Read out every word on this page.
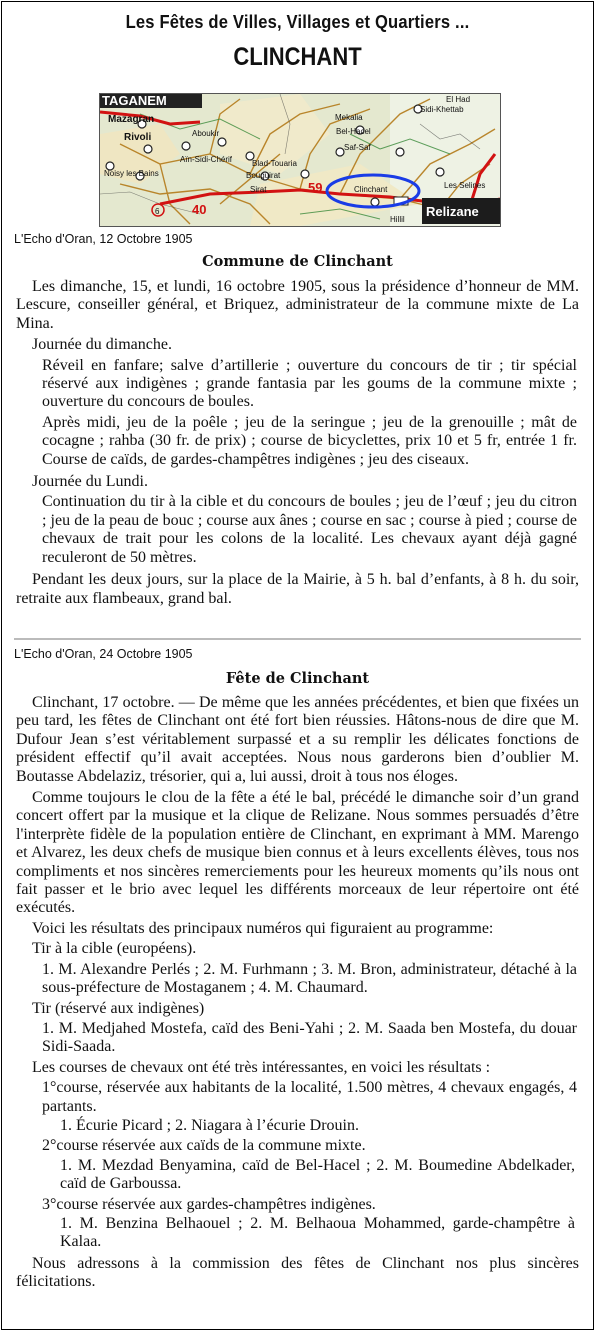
Les Fêtes de Villes, Villages et Quartiers ...
CLINCHANT
TAGANEM
Mazagran
Rivoli	Aboukir
Aïn-Sidi-Chérif
Noisy les Bains
Mekalia
Bel-Hacel
Saf-Saf
Blad-Touaria
Bouguirat
Sirat
El Had
Sidi-Khettab
Clinchant
Relizane
Les Selines
Hillil
59
40
6
L'Echo d'Oran, 12 Octobre 1905
Commune de Clinchant

Les dimanche, 15, et lundi, 16 octobre 1905, sous la présidence d’honneur de MM. Lescure, conseiller général, et Briquez, administrateur de la commune mixte de La Mina.

Journée du dimanche.

Réveil en fanfare; salve d’artillerie ; ouverture du concours de tir ; tir spécial réservé aux indigènes ; grande fantasia par les goums de la commune mixte ; ouverture du concours de boules.

Après midi, jeu de la poêle ; jeu de la seringue ; jeu de la grenouille ; mât de cocagne ; rahba (30 fr. de prix) ; course de bicyclettes, prix 10 et 5 fr, entrée 1 fr. Course de caïds, de gardes-champêtres indigènes ; jeu des ciseaux.

Journée du Lundi.

Continuation du tir à la cible et du concours de boules ; jeu de l’œuf ; jeu du citron ; jeu de la peau de bouc ; course aux ânes ; course en sac ; course à pied ; course de chevaux de trait pour les colons de la localité. Les chevaux ayant déjà gagné reculeront de 50 mètres.

Pendant les deux jours, sur la place de la Mairie, à 5 h. bal d’enfants, à 8 h. du soir, retraite aux flambeaux, grand bal.

L'Echo d'Oran, 24 Octobre 1905
Fête de Clinchant

Clinchant, 17 octobre. — De même que les années précédentes, et bien que fixées un peu tard, les fêtes de Clinchant ont été fort bien réussies. Hâtons-nous de dire que M. Dufour Jean s’est véritablement surpassé et a su remplir les délicates fonctions de président effectif qu’il avait acceptées. Nous nous garderons bien d’oublier M. Boutasse Abdelaziz, trésorier, qui a, lui aussi, droit à tous nos éloges.

Comme toujours le clou de la fête a été le bal, précédé le dimanche soir d’un grand concert offert par la musique et la clique de Relizane. Nous sommes persuadés d’être l'interprète fidèle de la population entière de Clinchant, en exprimant à MM. Marengo et Alvarez, les deux chefs de musique bien connus et à leurs excellents élèves, tous nos compliments et nos sincères remerciements pour les heureux moments qu’ils nous ont fait passer et le brio avec lequel les différents morceaux de leur répertoire ont été exécutés.

Voici les résultats des principaux numéros qui figuraient au programme:

Tir à la cible (européens).

1. M. Alexandre Perlés ; 2. M. Furhmann ; 3. M. Bron, administrateur, détaché à la sous-préfecture de Mostaganem ; 4. M. Chaumard.

Tir (réservé aux indigènes)

1. M. Medjahed Mostefa, caïd des Beni-Yahi ; 2. M. Saada ben Mostefa, du douar Sidi-Saada.

Les courses de chevaux ont été très intéressantes, en voici les résultats :

1°course, réservée aux habitants de la localité, 1.500 mètres, 4 chevaux engagés, 4 partants.

1. Écurie Picard ; 2. Niagara à l’écurie Drouin.

2°course réservée aux caïds de la commune mixte.

1. M. Mezdad Benyamina, caïd de Bel-Hacel ; 2. M. Boumedine Abdelkader, caïd de Garboussa.

3°course réservée aux gardes-champêtres indigènes.

1. M. Benzina Belhaouel ; 2. M. Belhaoua Mohammed, garde-champêtre à Kalaa.

Nous adressons à la commission des fêtes de Clinchant nos plus sincères félicitations.
